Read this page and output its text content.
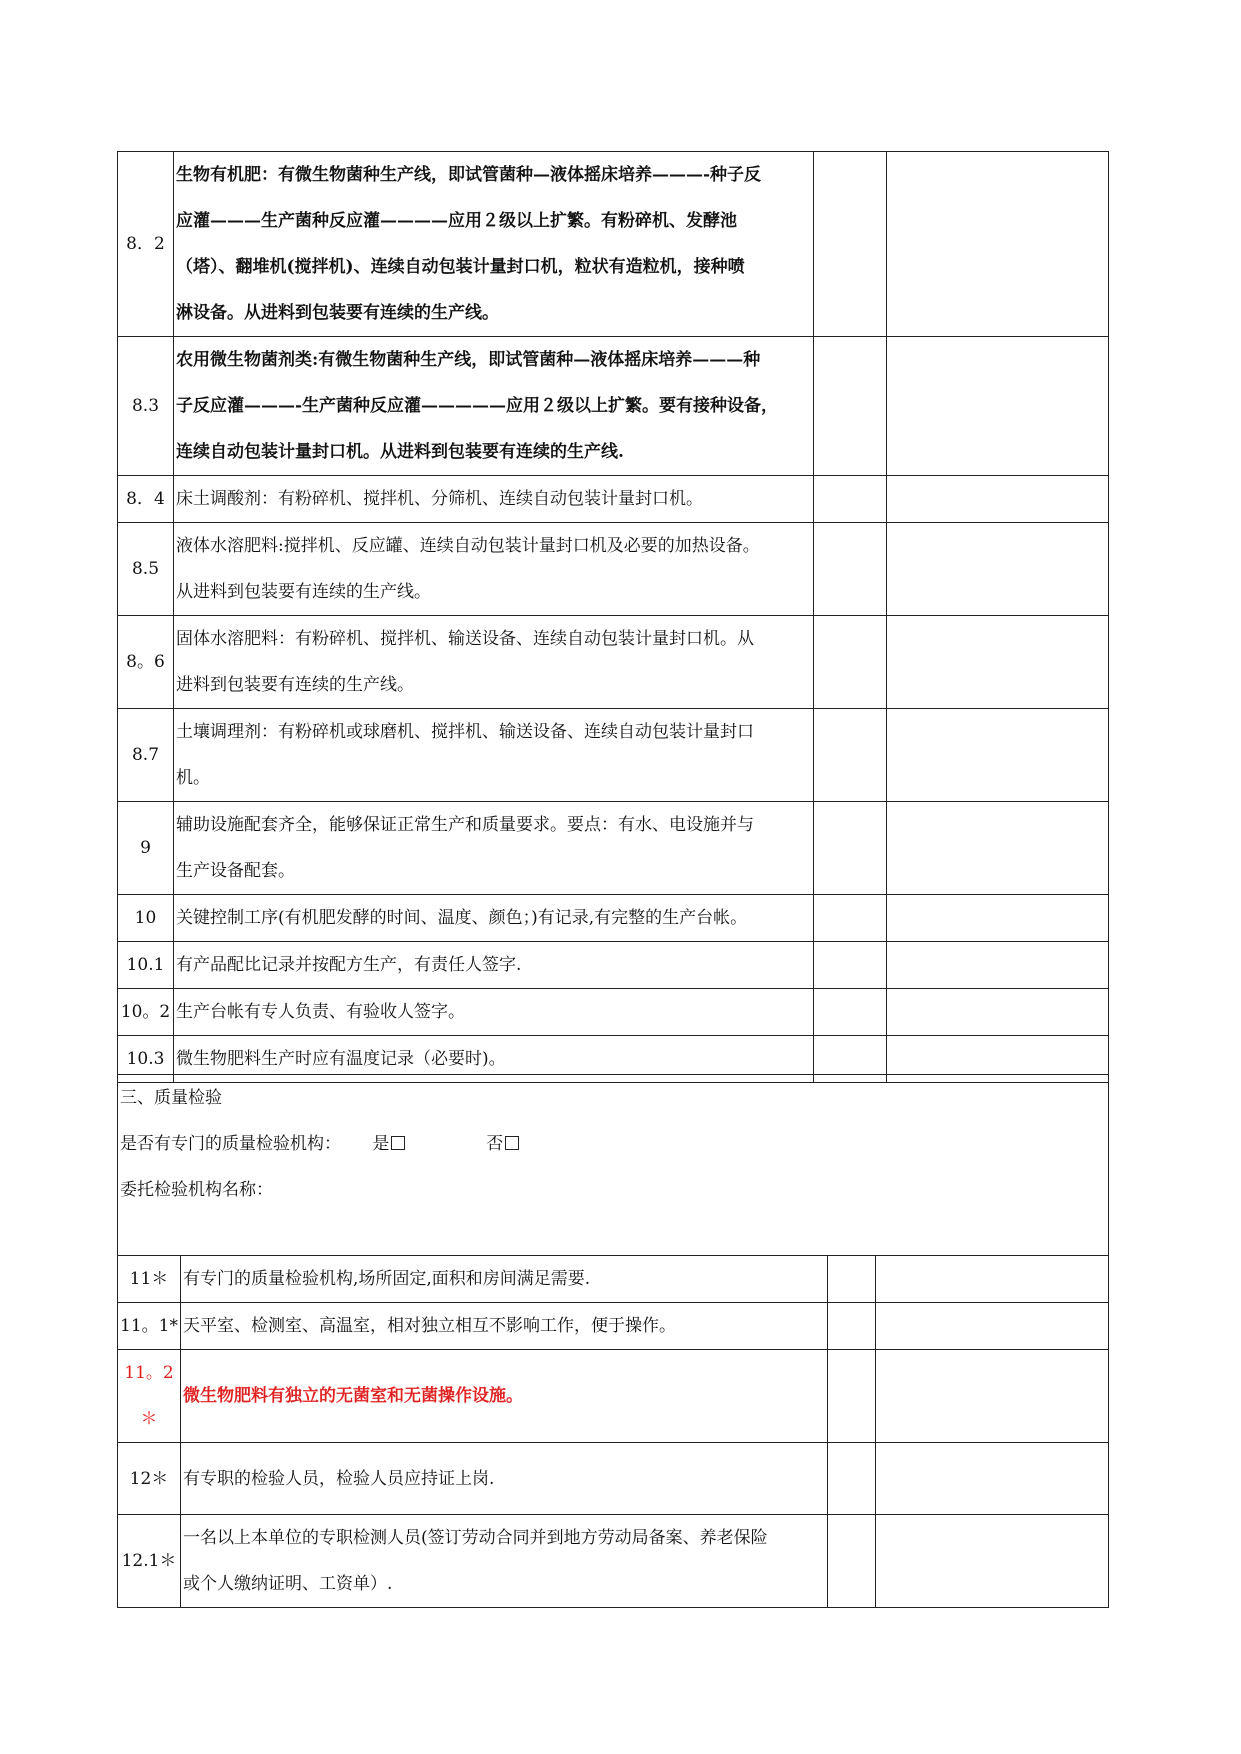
8．2	生物有机肥：有微生物菌种生产线，即试管菌种—液体摇床培养———-种子反
应灌———生产菌种反应灌————应用２级以上扩繁。有粉碎机、发酵池
（塔）、翻堆机(搅拌机)、连续自动包装计量封口机，粒状有造粒机，接种喷
淋设备。从进料到包装要有连续的生产线。		

8.3	农用微生物菌剂类:有微生物菌种生产线，即试管菌种—液体摇床培养———种
子反应灌———-生产菌种反应灌—————应用２级以上扩繁。要有接种设备，
连续自动包装计量封口机。从进料到包装要有连续的生产线.		

8．4	床土调酸剂：有粉碎机、搅拌机、分筛机、连续自动包装计量封口机。		

8.5	液体水溶肥料:搅拌机、反应罐、连续自动包装计量封口机及必要的加热设备。
从进料到包装要有连续的生产线。		

8。6	固体水溶肥料：有粉碎机、搅拌机、输送设备、连续自动包装计量封口机。从
进料到包装要有连续的生产线。		

8.7	土壤调理剂：有粉碎机或球磨机、搅拌机、输送设备、连续自动包装计量封口
机。		

9	辅助设施配套齐全，能够保证正常生产和质量要求。要点：有水、电设施并与
生产设备配套。		

10	关键控制工序(有机肥发酵的时间、温度、颜色；)有记录,有完整的生产台帐。		

10.1	有产品配比记录并按配方生产，有责任人签字.		

10。2	生产台帐有专人负责、有验收人签字。		

10.3	微生物肥料生产时应有温度记录（必要时)。		

三、质量检验

是否有专门的质量检验机构： 是	否

委托检验机构名称：

11＊	有专门的质量检验机构,场所固定,面积和房间满足需要.		

11。1*	天平室、检测室、高温室，相对独立相互不影响工作，便于操作。		

11。2＊	微生物肥料有独立的无菌室和无菌操作设施。		

12＊	有专职的检验人员，检验人员应持证上岗.		

12.1＊	一名以上本单位的专职检测人员(签订劳动合同并到地方劳动局备案、养老保险
或个人缴纳证明、工资单）.		
